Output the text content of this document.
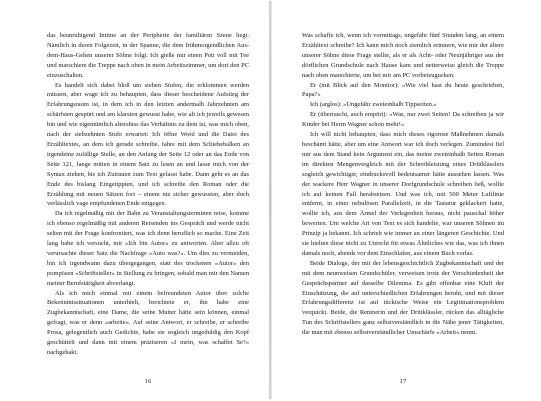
das beunruhigend Intime an der Peripherie der familiären Szene liegt. Nämlich in deren Folgezeit, in der Spanne, die dem frühmorgendlichen Aus-dem-Haus-Gehen unserer Söhne folgt. Ich gieße mir einen Pott voll mit Tee und marschiere die Treppe nach oben in mein Arbeitszimmer, um dort den PC einzuschalten.

Es handelt sich dabei bloß um sieben Stufen, die erklommen werden müssen, aber wage ich zu behaupten, dass dieser bescheidene Aufstieg der Erfahrungsraum ist, in dem ich in den letzten andertnalb Jahrzehnten am schärfsten gespürt und am klarsten gewusst habe, wie alt ich jeweils gewesen bin und wie eigentümlich altersbiss das Verhältnis zu dem ist, was mich oben, nach der siebzehnten Stufe erwartet: Ich öffne Word und die Datei des Erzähltextes, an dem ich gerade schreibe, fahre mit dem Schiebebalken an irgendeine zufällige Stelle, an den Anfang der Seite 12 oder an das Ende von Seite 121, fange mitten in einem Satz zu lesen an und lasse mich von der Syntax ziehen, bis ich Zutrauen zum Text gefasst habe. Dann geht es an das Ende des bislang Eingetippten, und ich schreibe den Roman oder die Erzählung mit neuen Sätzen fort – einem nie sicher gewussten, aber doch verlässlich vage empfundenen Ende entgegen.

Da ich regelmäßig mit der Bahn zu Veranstaltungsterminen reise, komme ich ebenso regelmäßig mit anderen Reisenden ins Gespräch und werde nicht selten mit der Frage konfrontiert, was ich denn beruflich so mache. Eine Zeit lang habe ich versucht, mit »Ich bin Autor« zu antworten. Aber allzu oft verursachte dieser Satz die Nachfrage »Auto was?«. Um dies zu vermeiden, bin ich irgendwann dazu übergegangen, statt des trockenen »Autor« den pompösen »Schriftsteller« in Stellung zu bringen, sobald man mir den Namen meiner Berufstätigkeit abverlangt.

Als ich mich einmal mit einem befreundeten Autor über solche Bekenntnissituationen unterhielt, berichtete er, ihn habe eine Zugbekanntschaft, eine Dame, die seine Mutter hätte sein können, einmal gefragt, was er denn »arbeite«. Auf seine Antwort, er schreibe, er schreibe Prosa, gelegentlich auch Gedichte, habe sie sogleich ungeduldig den Kopf geschüttelt und dann mit einem präziseren »I mein, was schaffet Se?« nachgehakt.

16

Was schaffe ich, wenn ich vormittags, ungefähr fünf Stunden lang, an einem Erzähltext schreibe? Ich kann mich noch ziemlich erinnern, wie mir der ältere unserer Söhne diese Frage stellte, als er als Acht- oder Neunjähriger aus der dörflichen Grundschule nach Hause kam und netterweise gleich die Treppe nach oben marschierte, um bei mir am PC vorbeizugucken.

Er (mit Blick auf den Monitor): »Wie viel hast du heute geschrieben, Papa?«

Ich (arglos): »Ungefähr zweieinhalb Tippseiten.«

Er (überrascht, auch empört): »Was, nur zwei Seiten! Da schreiben ja wir Kinder bei Herrn Wagner schon mehr!«

Ich will nicht behaupten, dass mich dieses rigorose Maßnehmen damals beschämt hätte, aber um eine Antwort war ich doch verlegen. Zumindest fiel mir aus dem Stand kein Argument ein, das meine zweieinhalb Seiten Roman im direkten Mengenvergleich mit der Schreibleistung eines Drittklässlers sogleich gewichtiger, eindrucksvoll bedeutsamer hätte aussehen lassen. Was der wackere Herr Wagner in unserer Dorfgrundschule schreiben ließ, wollte ich auf keinen Fall herabsetzen. Und was ich, mit 500 Meter Luftlinie entfernt, in einer nebulösen Parallelzeit, in die Tastatur geklackert hatte, wollte ich, aus dem Ärmel der Verlegenheit heraus, nicht pauschal höher bewerten. Um welche Art von Text es sich handelte, war unseren Söhnen im Prinzip ja bekannt. Ich schrieb wie immer an einer längeren Geschichte. Und sie hielten diese nicht zu Unrecht für etwas Ähnliches wie das, was ich ihnen damals noch, abends vor dem Einschlafen, aus einem Buch vorlas.

Beide Dialoge, der mit der lebensgeschichtlich Zugbekanntschaft und der mit dem neunweisen Grundschüler, verweisen trotz der Verschiedenheit der Gesprächspartner auf dasselbe Dilemma. Es gibt offenbar eine Kluft der Einschätzung, die auf unterschiedlichen Erfahrungen beruht, und mit dieser Erfahrungsdifferenz ist auf tückische Weise ein Legitimationsproblem verquickt. Beide, die Rentnerin und der Drittklässler, rücken das alltägliche Tun des Schriftstellers ganz selbstverständlich in die Nähe jener Tätigkeiten, die man mit ebenso selbstverständlicher Umschärfe »Arbeit« nennt.

17
